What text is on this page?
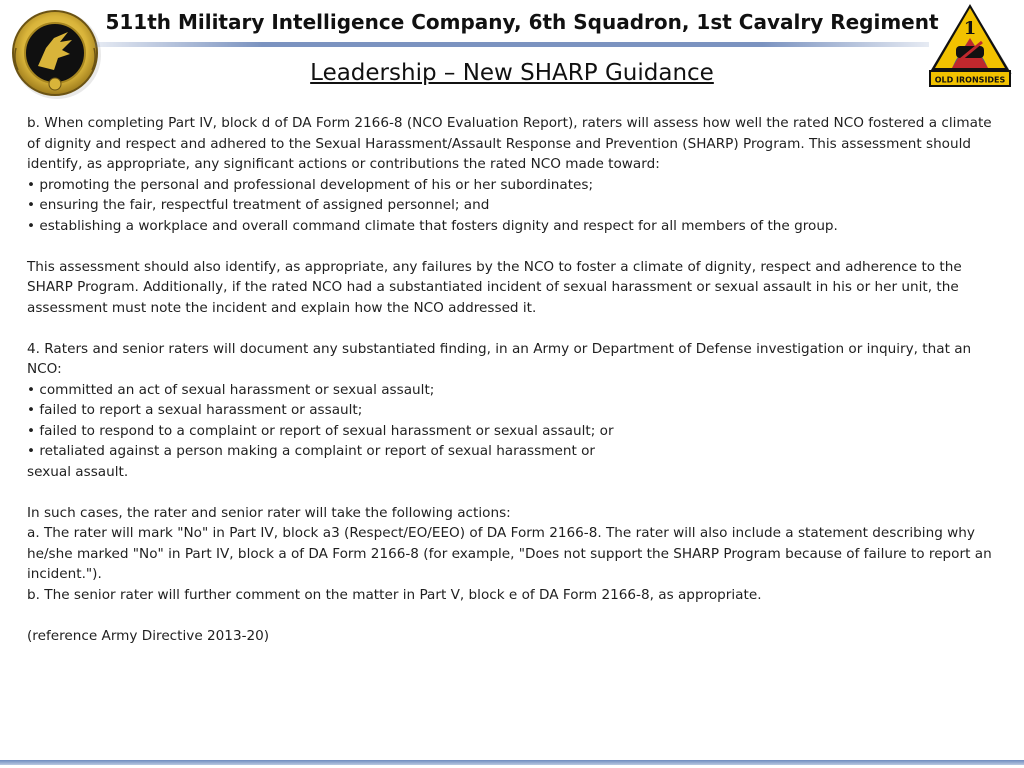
1
OLD IRONSIDES
511th Military Intelligence Company, 6th Squadron, 1st Cavalry Regiment
Leadership – New SHARP Guidance

b. When completing Part IV, block d of DA Form 2166-8 (NCO Evaluation Report), raters will assess how well the rated NCO fostered a climate of dignity and respect and adhered to the Sexual Harassment/Assault Response and Prevention (SHARP) Program. This assessment should identify, as appropriate, any significant actions or contributions the rated NCO made toward:

• promoting the personal and professional development of his or her subordinates;

• ensuring the fair, respectful treatment of assigned personnel; and

• establishing a workplace and overall command climate that fosters dignity and respect for all members of the group.

This assessment should also identify, as appropriate, any failures by the NCO to foster a climate of dignity, respect and adherence to the SHARP Program. Additionally, if the rated NCO had a substantiated incident of sexual harassment or sexual assault in his or her unit, the assessment must note the incident and explain how the NCO addressed it.

4. Raters and senior raters will document any substantiated finding, in an Army or Department of Defense investigation or inquiry, that an NCO:

• committed an act of sexual harassment or sexual assault;

• failed to report a sexual harassment or assault;

• failed to respond to a complaint or report of sexual harassment or sexual assault; or

• retaliated against a person making a complaint or report of sexual harassment or

sexual assault.

In such cases, the rater and senior rater will take the following actions:

a. The rater will mark "No" in Part IV, block a3 (Respect/EO/EEO) of DA Form 2166-8. The rater will also include a statement describing why he/she marked "No" in Part IV, block a of DA Form 2166-8 (for example, "Does not support the SHARP Program because of failure to report an incident.").

b. The senior rater will further comment on the matter in Part V, block e of DA Form 2166-8, as appropriate.

(reference Army Directive 2013-20)
